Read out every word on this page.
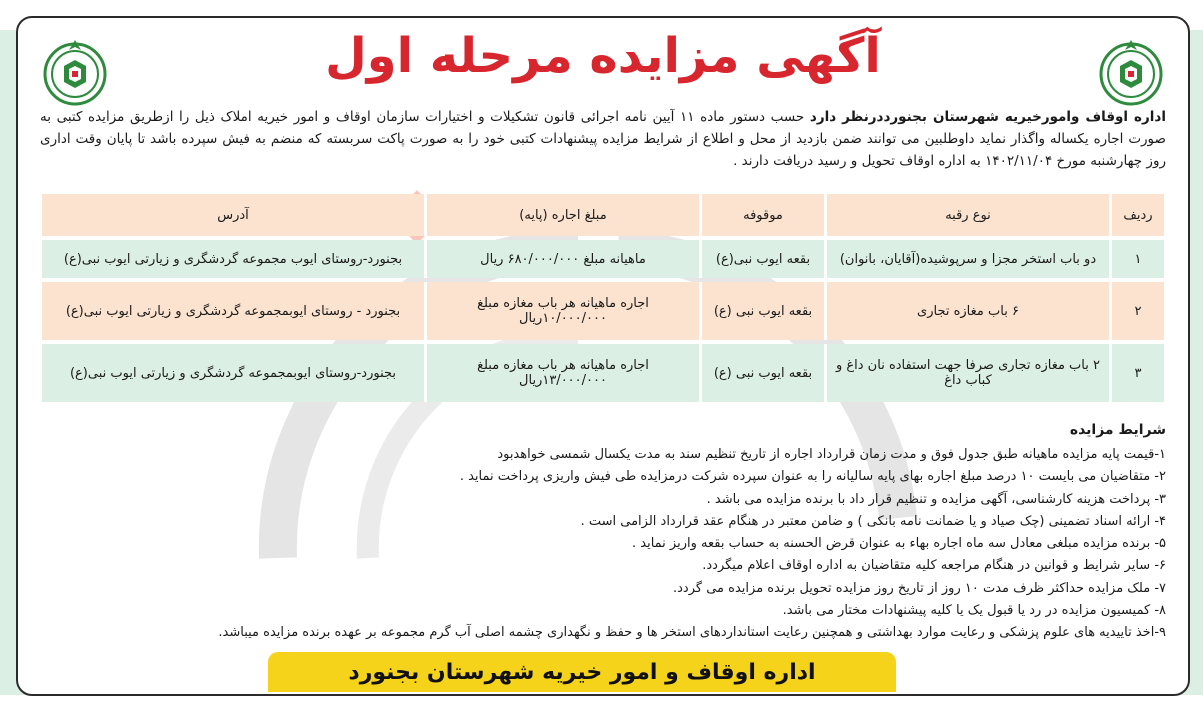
آگهی مزایده مرحله اول
اداره اوقاف وامورخیریه شهرستان بجنوردد‌رنظر دارد حسب دستور ماده ۱۱ آیین نامه اجرائی قانون تشکیلات و اختیارات سازمان اوقاف و امور خیریه املاک ذیل را ازطریق مزایده کتبی به صورت اجاره یکساله واگذار نماید داوطلبین می توانند ضمن بازدید از محل و اطلاع از شرایط مزایده پیشنهادات کتبی خود را به صورت پاکت سربسته که منضم به فیش سپرده باشد تا پایان وقت اداری روز چهارشنبه مورخ ۱۴۰۲/۱۱/۰۴ به اداره اوقاف تحویل و رسید دریافت دارند .
ردیف	نوع رقبه	موقوفه	مبلغ اجاره (پایه)	آدرس
۱	دو باب استخر مجزا و سرپوشیده(آقایان، بانوان)	بقعه ایوب نبی(ع)	ماهیانه مبلغ ۶۸۰/۰۰۰/۰۰۰ ریال	بجنورد-روستای ایوب مجموعه گردشگری و زیارتی ایوب نبی(ع)
۲	۶ باب مغازه تجاری	بقعه ایوب نبی (ع)	اجاره ماهیانه هر باب مغازه مبلغ ۱۰/۰۰۰/۰۰۰ریال	بجنورد - روستای ایوبمجموعه گردشگری و زیارتی ایوب نبی(ع)
۳	۲ باب مغازه تجاری صرفا جهت استفاده نان داغ و کباب داغ	بقعه ایوب نبی (ع)	اجاره ماهیانه هر باب مغازه مبلغ ۱۳/۰۰۰/۰۰۰ریال	بجنورد-روستای ایوبمجموعه گردشگری و زیارتی ایوب نبی(ع)
شرایط مزایده
۱-قیمت پایه مزایده ماهیانه طبق جدول فوق و مدت زمان قرارداد اجاره از تاریخ تنظیم سند به مدت یکسال شمسی خواهدبود
۲- متقاضیان می بایست ۱۰ درصد مبلغ اجاره بهای پایه سالیانه را به عنوان سپرده شرکت درمزایده طی فیش واریزی پرداخت نماید .
۳- پرداخت هزینه کارشناسی، آگهی مزایده و تنظیم قرار داد با برنده مزایده می باشد .
۴- ارائه اسناد تضمینی (چک صیاد و یا ضمانت نامه بانکی ) و ضامن معتبر در هنگام عقد قرارداد الزامی است .
۵- برنده مزایده مبلغی معادل سه ماه اجاره بهاء به عنوان قرض الحسنه به حساب بقعه واریز نماید .
۶- سایر شرایط و قوانین در هنگام مراجعه کلیه متقاضیان به اداره اوقاف اعلام میگردد.
۷- ملک مزایده حداکثر ظرف مدت ۱۰ روز از تاریخ روز مزایده تحویل برنده مزایده می گردد.
۸- کمیسیون مزایده در رد یا قبول یک یا کلیه پیشنهادات مختار می باشد.
۹-اخذ تاییدیه های علوم پزشکی و رعایت موارد بهداشتی و همچنین رعایت استانداردهای استخر ها و حفظ و نگهداری چشمه اصلی آب گرم مجموعه بر عهده برنده مزایده میباشد.
اداره اوقاف و امور خیریه شهرستان بجنورد
